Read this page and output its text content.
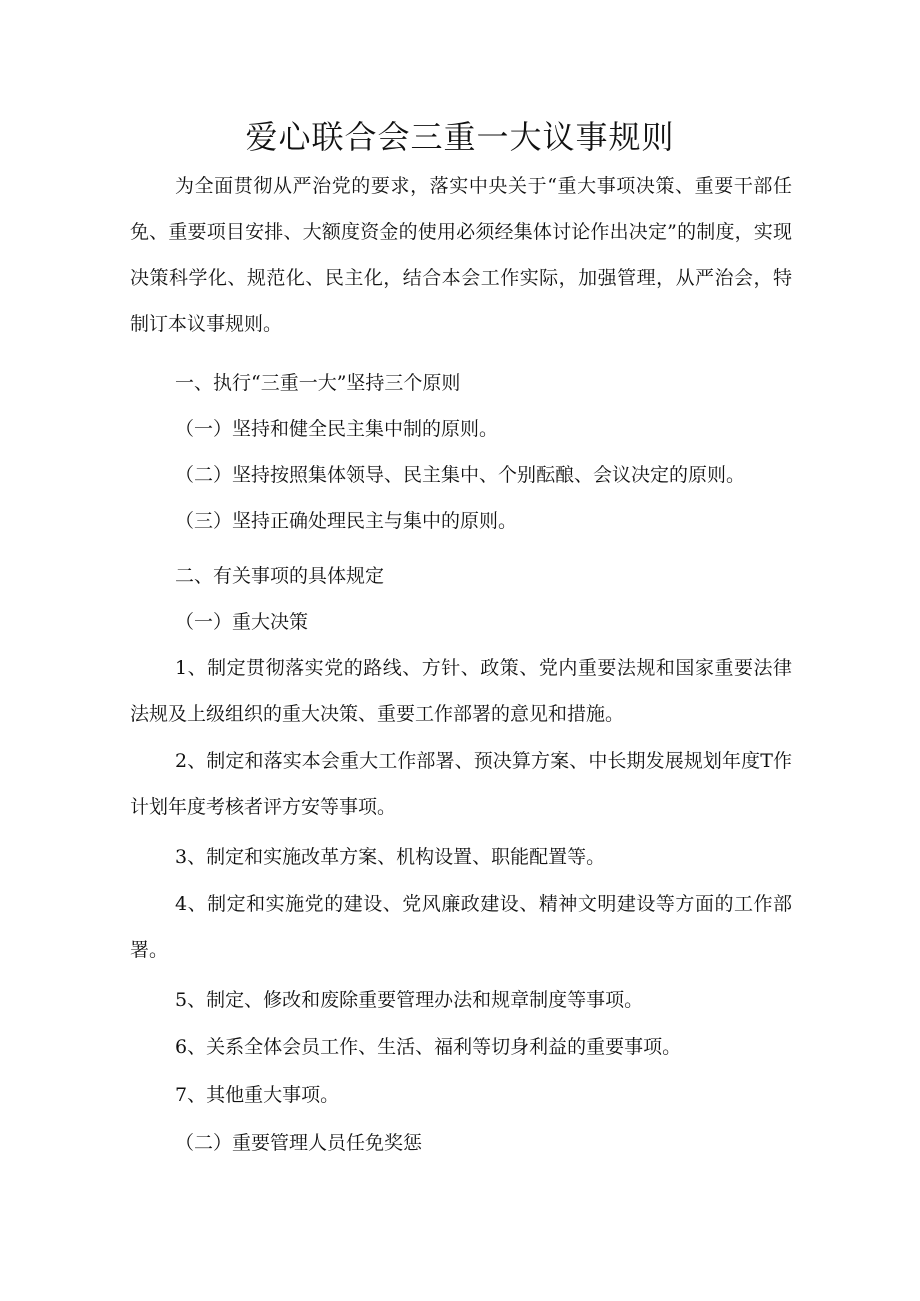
爱心联合会三重一大议事规则

为全面贯彻从严治党的要求，落实中央关于“重大事项决策、重要干部任免、重要项目安排、大额度资金的使用必须经集体讨论作出决定”的制度，实现决策科学化、规范化、民主化，结合本会工作实际，加强管理，从严治会，特制订本议事规则。

一、执行“三重一大”坚持三个原则

（一）坚持和健全民主集中制的原则。

（二）坚持按照集体领导、民主集中、个别酝酿、会议决定的原则。

（三）坚持正确处理民主与集中的原则。

二、有关事项的具体规定

（一）重大决策

1、制定贯彻落实党的路线、方针、政策、党内重要法规和国家重要法律法规及上级组织的重大决策、重要工作部署的意见和措施。

2、制定和落实本会重大工作部署、预决算方案、中长期发展规划年度T作计划年度考核者评方安等事项。

3、制定和实施改革方案、机构设置、职能配置等。

4、制定和实施党的建设、党风廉政建设、精神文明建设等方面的工作部署。

5、制定、修改和废除重要管理办法和规章制度等事项。

6、关系全体会员工作、生活、福利等切身利益的重要事项。

7、其他重大事项。

（二）重要管理人员任免奖惩
